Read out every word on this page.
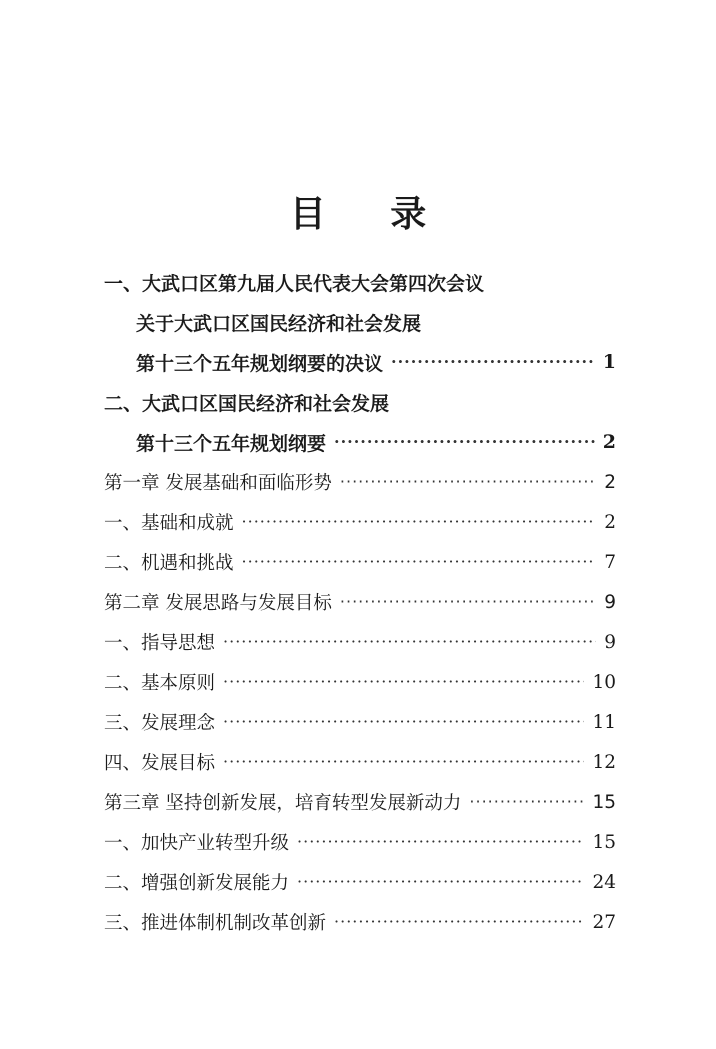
目 录
一、大武口区第九届人民代表大会第四次会议
关于大武口区国民经济和社会发展
第十三个五年规划纲要的决议 ·····	1
二、大武口区国民经济和社会发展
第十三个五年规划纲要 ·····	2
第一章 发展基础和面临形势 ·····	2
一、基础和成就 ·····	2
二、机遇和挑战 ·····	7
第二章 发展思路与发展目标 ·····	9
一、指导思想 ·····	9
二、基本原则 ·····	10
三、发展理念 ·····	11
四、发展目标 ·····	12
第三章 坚持创新发展，培育转型发展新动力 ·····	15
一、加快产业转型升级 ·····	15
二、增强创新发展能力 ·····	24
三、推进体制机制改革创新 ·····	27
